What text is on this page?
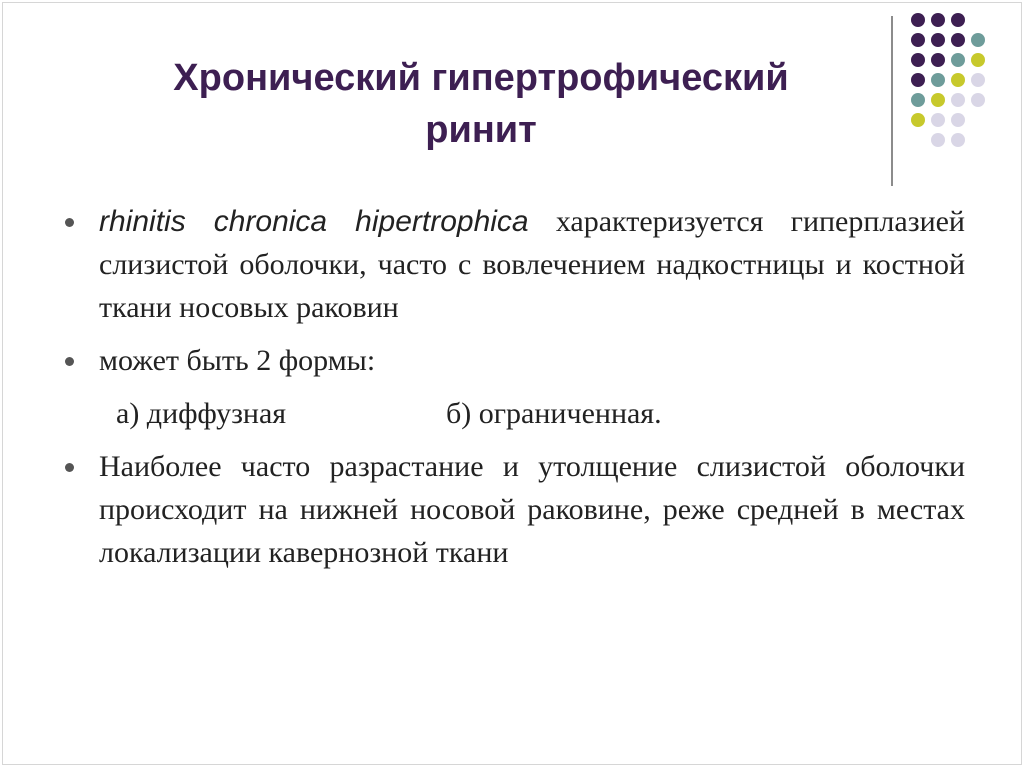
Хронический гипертрофический
ринит
rhinitis chronica hipertrophica характеризуется гиперплазией слизистой оболочки, часто с вовлечением надкостницы и костной ткани носовых раковин
может быть 2 формы:
а) диффузная	б) ограниченная.
Наиболее часто разрастание и утолщение слизистой оболочки происходит на нижней носовой раковине, реже средней в местах локализации кавернозной ткани
